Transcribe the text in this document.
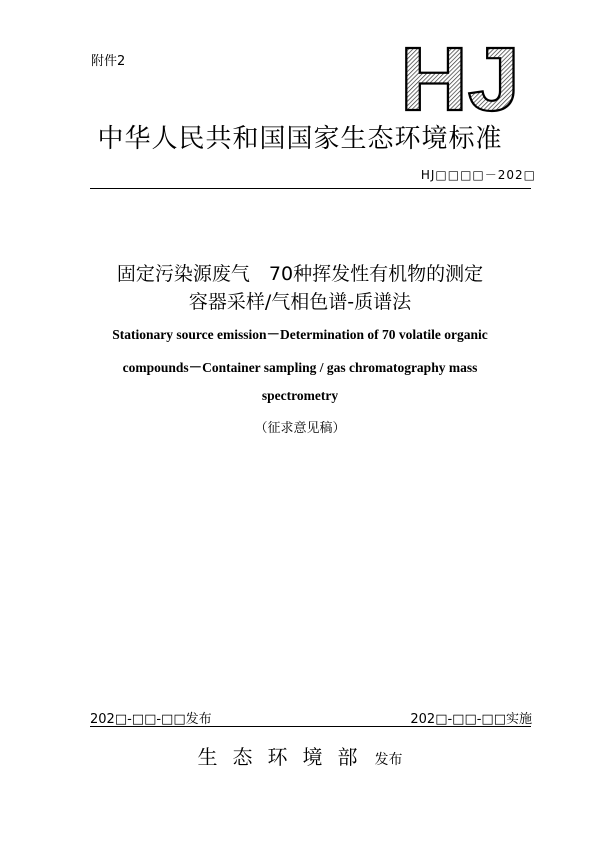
附件2	HJ
中华人民共和国国家生态环境标准
HJ□□□□－202□
固定污染源废气　70种挥发性有机物的测定
容器采样/气相色谱-质谱法
Stationary source emission－Determination of 70 volatile organic
compounds－Container sampling / gas chromatography mass
spectrometry
（征求意见稿）
202□-□□-□□发布	202□-□□-□□实施
生态环境部 发布
